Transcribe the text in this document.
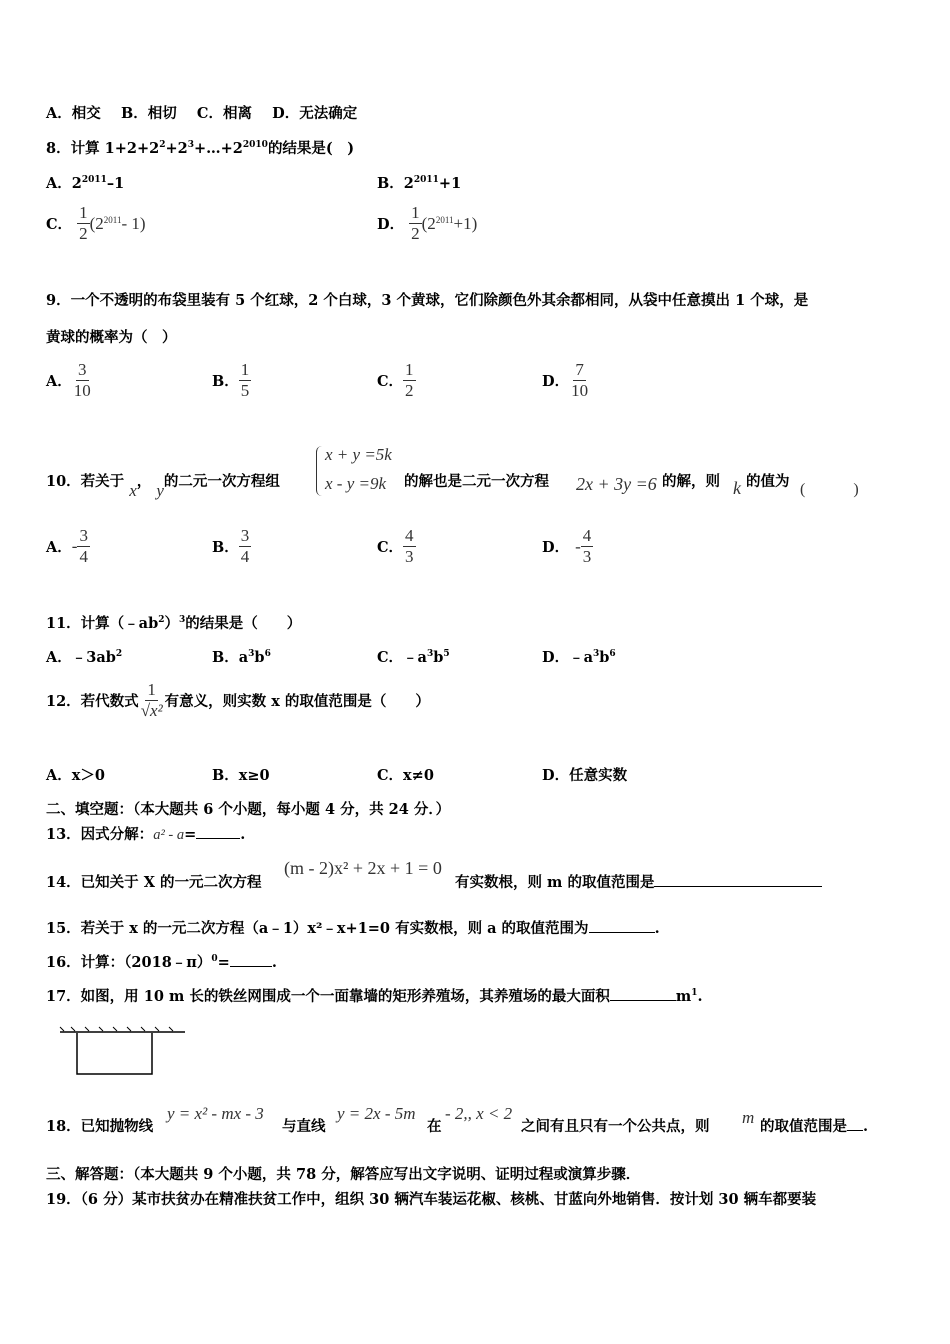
A．相交 B．相切 C．相离 D．无法确定
8．计算 $1+2+2^2+2^3+\dots+2^{2010}$的结果是(　)
A．$2^{2011}-1$	B．$2^{2011}+1$
C． $\frac{1}{2} (2^{2011}-$ 1)	D． $\frac{1}{2} (2^{2011}+1)$
9．一个不透明的布袋里装有 5 个红球，2 个白球，3 个黄球，它们除颜色外其余都相同，从袋中任意摸出 1 个球，是
黄球的概率为（　）
A． $\frac{3}{10}$	B． $\frac{1}{5}$	C． $\frac{1}{2}$	D． $\frac{7}{10}$
10．若关于 x， y的二元一次方程组
x + y =5k
x - y =9k 的解也是二元一次方程 2x + 3y =6 的解，则 k 的值为 (　　　)
A．- $\frac{3}{4}$	B． $\frac{3}{4}$	C． $\frac{4}{3}$	D． - $\frac{4}{3}$
11．计算$(﹣ab^2)^3$的结果是（　　）
A．$﹣3ab^2$	B．$a^3b^6$	C．$﹣a^3b^5$	D．$﹣a^3b^6$
12．若代数式 $\frac{1}{\text{√x²}}$ 有意义，则实数 x 的取值范围是（　　）
A．x＞0	B．x≥0	C．x≠0	D．任意实数
二、填空题：（本大题共 6 个小题，每小题 4 分，共 24 分．）
13．因式分解：a² - a=	.
14．已知关于 X 的一元二次方程
(m - 2)x² + 2x + 1 = 0
有实数根，则 m 的取值范围是
15．若关于 x 的一元二次方程（a﹣1）x²﹣x+1=0 有实数根，则 a 的取值范围为	.
16．计算：（2018﹣π）$^0$=	.
17．如图，用 10 m 长的铁丝网围成一个一面靠墙的矩形养殖场，其养殖场的最大面积	$m^1$.
18．已知抛物线
y = x² - mx - 3
与直线
y = 2x - 5m
在
- 2,, x < 2
之间有且只有一个公共点，则 m 的取值范围是 .
三、解答题：（本大题共 9 个小题，共 78 分，解答应写出文字说明、证明过程或演算步骤．
19．（6 分）某市扶贫办在精准扶贫工作中，组织 30 辆汽车装运花椒、核桃、甘蓝向外地销售．按计划 30 辆车都要装
